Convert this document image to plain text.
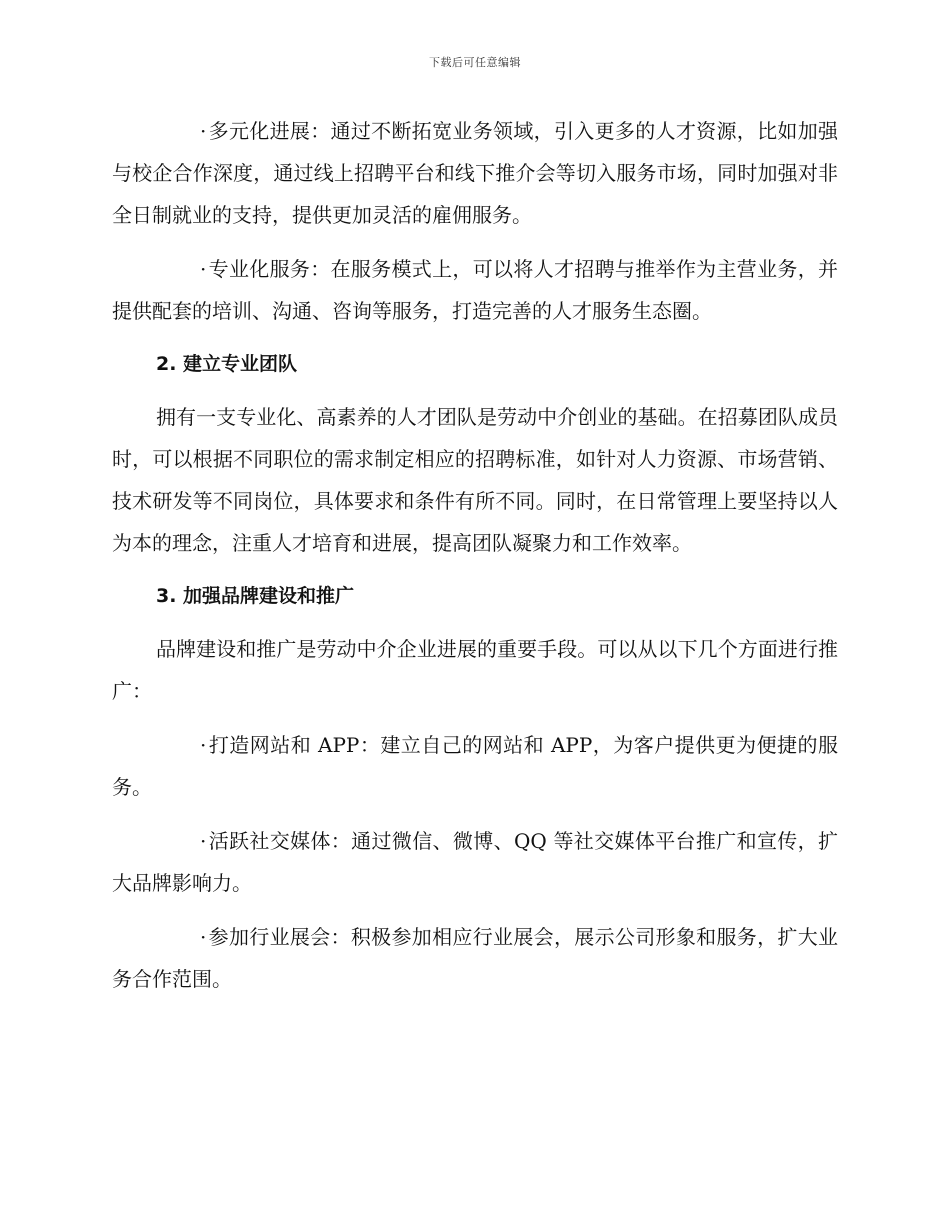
下载后可任意编辑

· 多元化进展：通过不断拓宽业务领域，引入更多的人才资源，比如加强与校企合作深度，通过线上招聘平台和线下推介会等切入服务市场，同时加强对非全日制就业的支持，提供更加灵活的雇佣服务。

· 专业化服务：在服务模式上，可以将人才招聘与推举作为主营业务，并提供配套的培训、沟通、咨询等服务，打造完善的人才服务生态圈。

2. 建立专业团队

拥有一支专业化、高素养的人才团队是劳动中介创业的基础。在招募团队成员时，可以根据不同职位的需求制定相应的招聘标准，如针对人力资源、市场营销、技术研发等不同岗位，具体要求和条件有所不同。同时，在日常管理上要坚持以人为本的理念，注重人才培育和进展，提高团队凝聚力和工作效率。

3. 加强品牌建设和推广

品牌建设和推广是劳动中介企业进展的重要手段。可以从以下几个方面进行推广：

· 打造网站和 APP：建立自己的网站和 APP，为客户提供更为便捷的服务。

· 活跃社交媒体：通过微信、微博、QQ 等社交媒体平台推广和宣传，扩大品牌影响力。

· 参加行业展会：积极参加相应行业展会，展示公司形象和服务，扩大业务合作范围。
